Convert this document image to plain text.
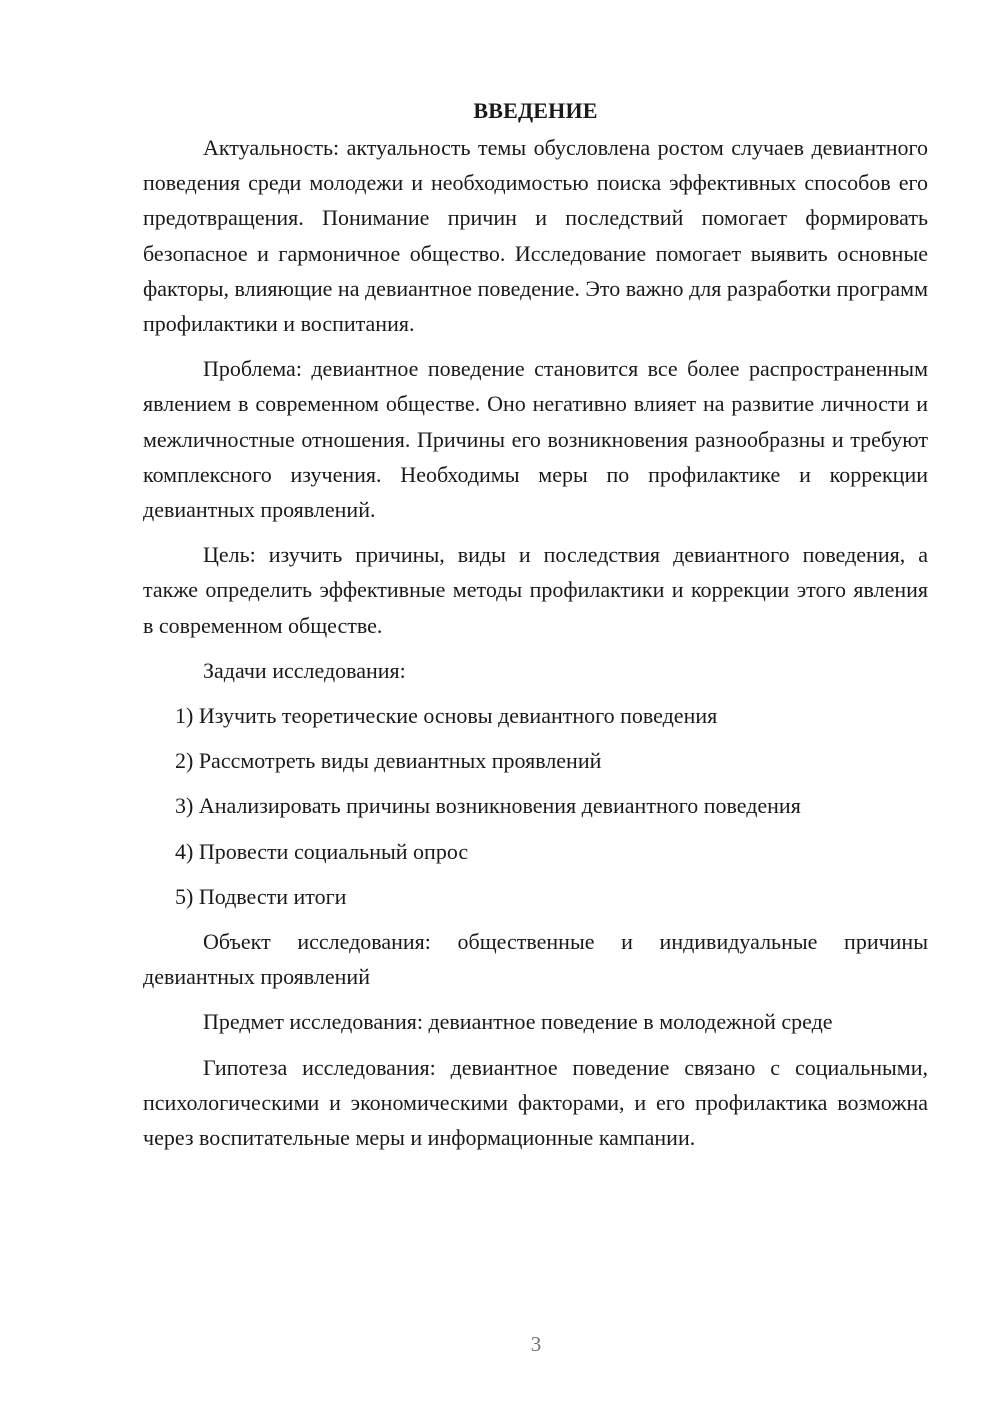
ВВЕДЕНИЕ

Актуальность: актуальность темы обусловлена ростом случаев девиантного поведения среди молодежи и необходимостью поиска эффективных способов его предотвращения. Понимание причин и последствий помогает формировать безопасное и гармоничное общество. Исследование помогает выявить основные факторы, влияющие на девиантное поведение. Это важно для разработки программ профилактики и воспитания.

Проблема: девиантное поведение становится все более распространенным явлением в современном обществе. Оно негативно влияет на развитие личности и межличностные отношения. Причины его возникновения разнообразны и требуют комплексного изучения. Необходимы меры по профилактике и коррекции девиантных проявлений.

Цель: изучить причины, виды и последствия девиантного поведения, а также определить эффективные методы профилактики и коррекции этого явления в современном обществе.

Задачи исследования:

1) Изучить теоретические основы девиантного поведения
2) Рассмотреть виды девиантных проявлений
3) Анализировать причины возникновения девиантного поведения
4) Провести социальный опрос
5) Подвести итоги

Объект исследования: общественные и индивидуальные причины девиантных проявлений

Предмет исследования: девиантное поведение в молодежной среде

Гипотеза исследования: девиантное поведение связано с социальными, психологическими и экономическими факторами, и его профилактика возможна через воспитательные меры и информационные кампании.

3
